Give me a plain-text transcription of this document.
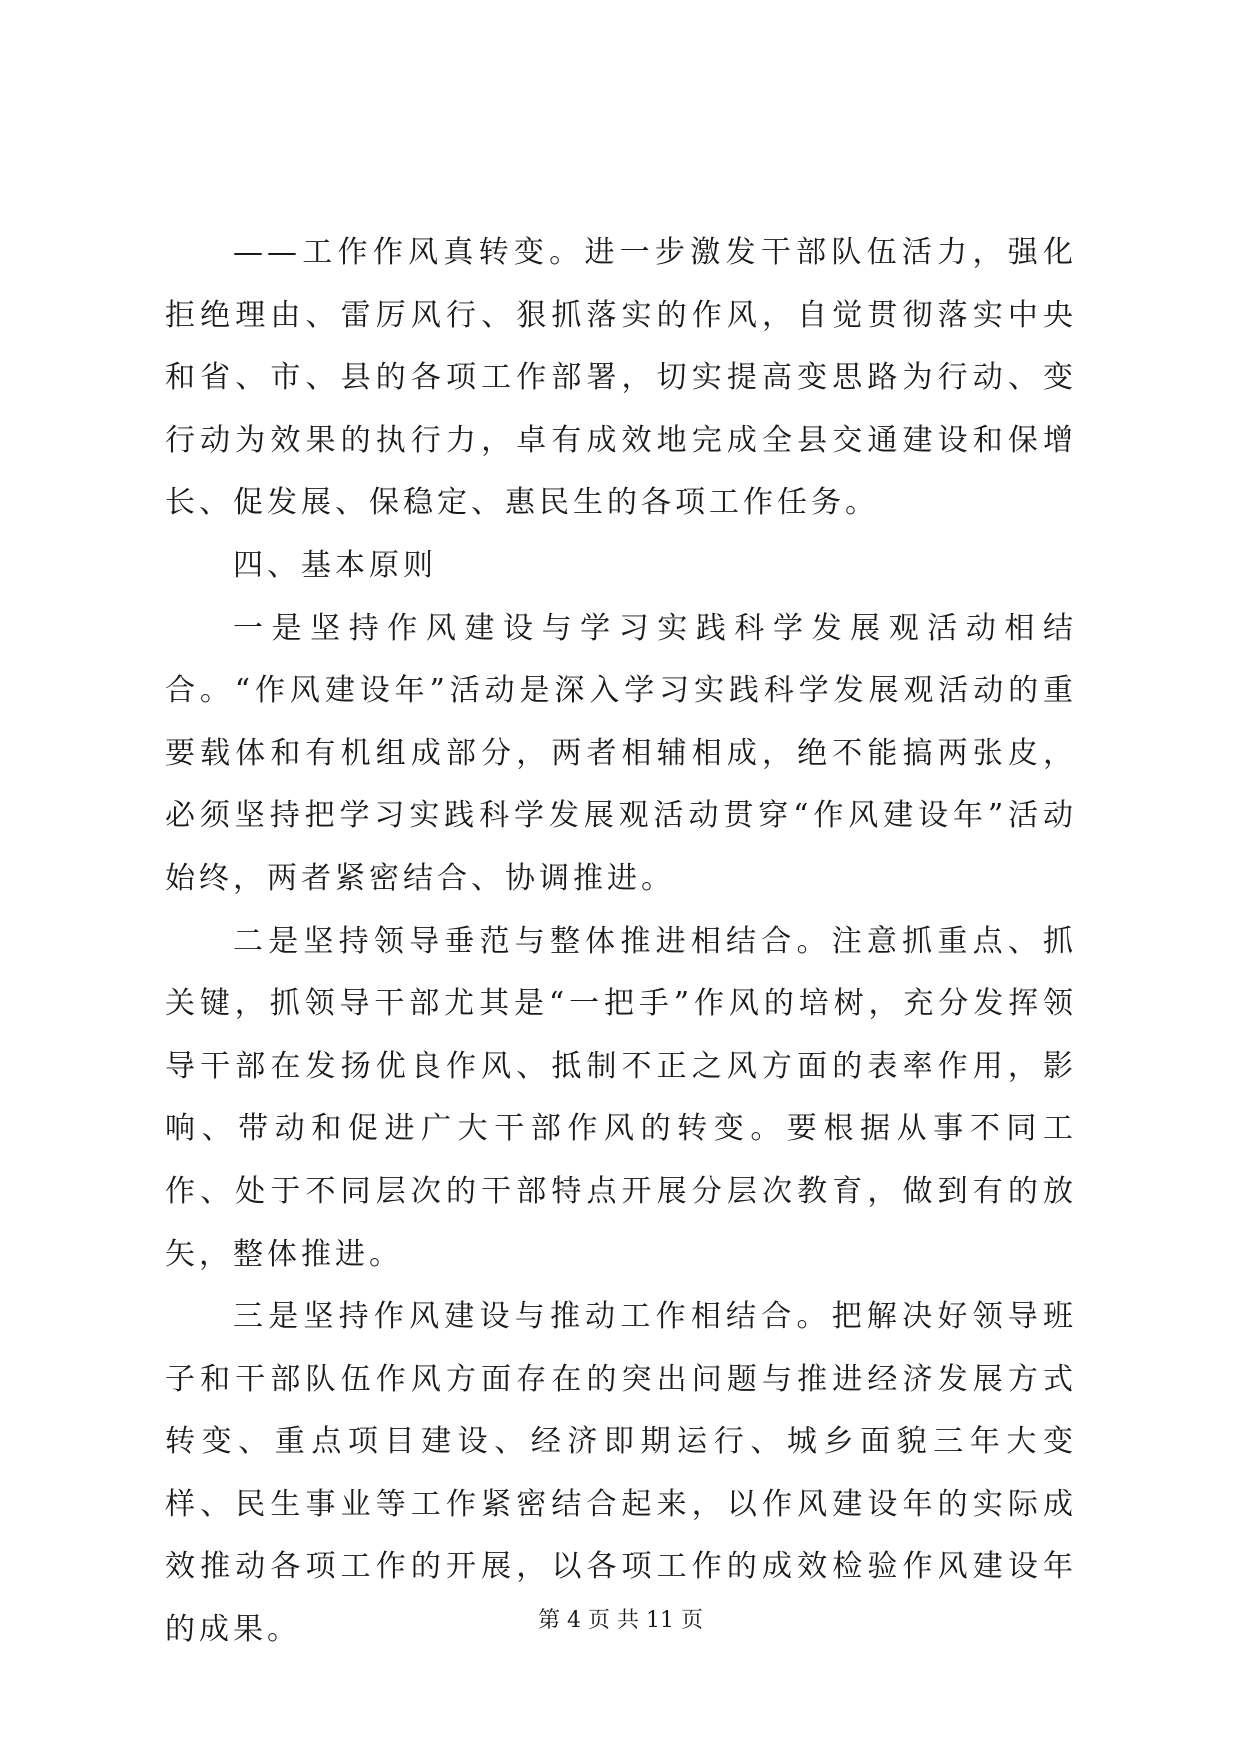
——工作作风真转变。进一步激发干部队伍活力，强化拒绝理由、雷厉风行、狠抓落实的作风，自觉贯彻落实中央和省、市、县的各项工作部署，切实提高变思路为行动、变行动为效果的执行力，卓有成效地完成全县交通建设和保增长、促发展、保稳定、惠民生的各项工作任务。

四、基本原则

一是坚持作风建设与学习实践科学发展观活动相结合。“作风建设年”活动是深入学习实践科学发展观活动的重要载体和有机组成部分，两者相辅相成，绝不能搞两张皮，必须坚持把学习实践科学发展观活动贯穿“作风建设年”活动始终，两者紧密结合、协调推进。

二是坚持领导垂范与整体推进相结合。注意抓重点、抓关键，抓领导干部尤其是“一把手”作风的培树，充分发挥领导干部在发扬优良作风、抵制不正之风方面的表率作用，影响、带动和促进广大干部作风的转变。要根据从事不同工作、处于不同层次的干部特点开展分层次教育，做到有的放矢，整体推进。

三是坚持作风建设与推动工作相结合。把解决好领导班子和干部队伍作风方面存在的突出问题与推进经济发展方式转变、重点项目建设、经济即期运行、城乡面貌三年大变样、民生事业等工作紧密结合起来，以作风建设年的实际成效推动各项工作的开展，以各项工作的成效检验作风建设年的成果。	第 4 页 共 11 页
